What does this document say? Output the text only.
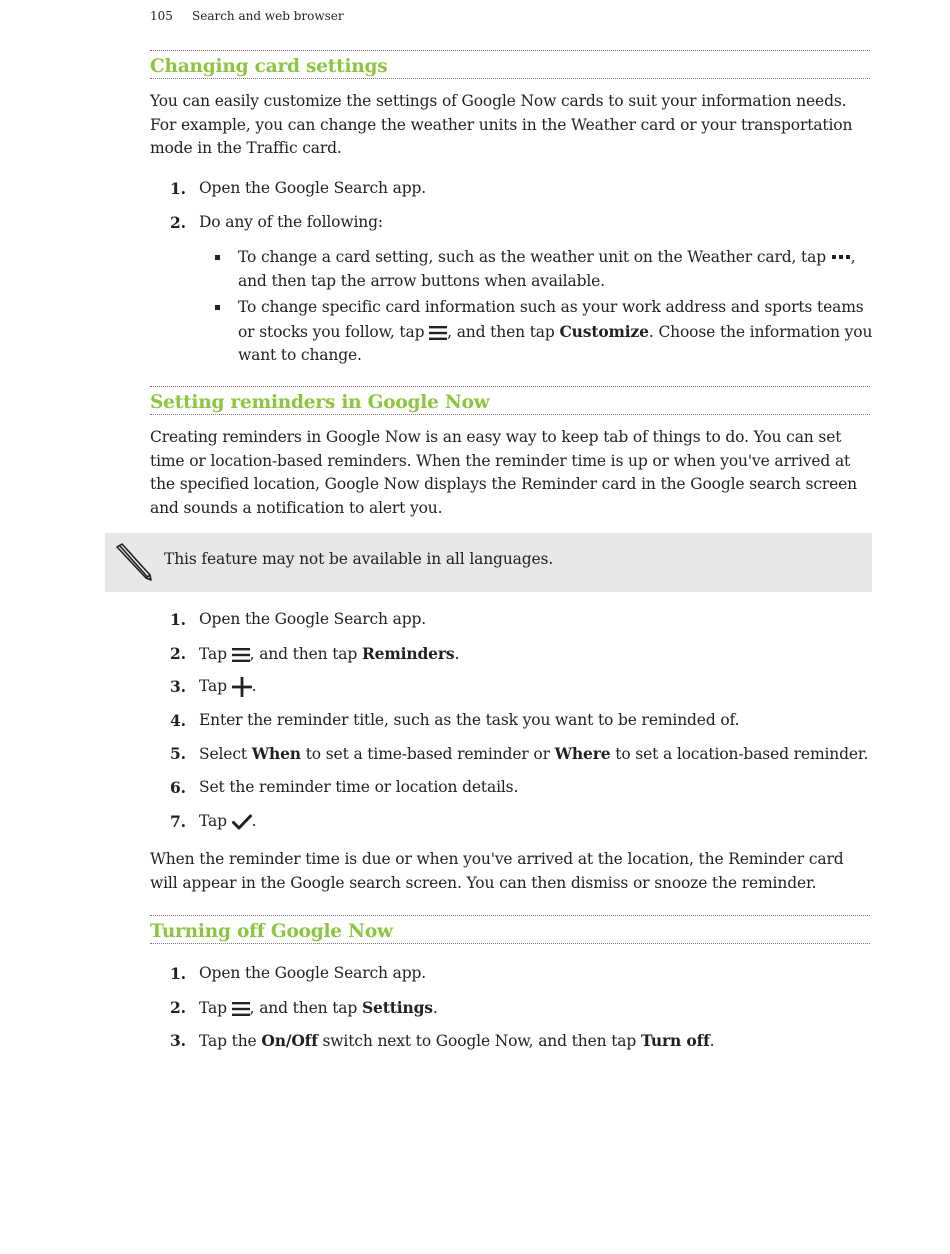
105 Search and web browser
Changing card settings

You can easily customize the settings of Google Now cards to suit your information needs. For example, you can change the weather units in the Weather card or your transportation mode in the Traffic card.

1. Open the Google Search app.
2. Do any of the following:
To change a card setting, such as the weather unit on the Weather card, tap , and then tap the arrow buttons when available.
To change specific card information such as your work address and sports teams or stocks you follow, tap , and then tap Customize. Choose the information you want to change.
Setting reminders in Google Now

Creating reminders in Google Now is an easy way to keep tab of things to do. You can set time or location-based reminders. When the reminder time is up or when you've arrived at the specified location, Google Now displays the Reminder card in the Google search screen and sounds a notification to alert you.

This feature may not be available in all languages.
1. Open the Google Search app.
2. Tap , and then tap Reminders.
3. Tap .
4. Enter the reminder title, such as the task you want to be reminded of.
5. Select When to set a time-based reminder or Where to set a location-based reminder.
6. Set the reminder time or location details.
7. Tap .

When the reminder time is due or when you've arrived at the location, the Reminder card will appear in the Google search screen. You can then dismiss or snooze the reminder.

Turning off Google Now
1. Open the Google Search app.
2. Tap , and then tap Settings.
3. Tap the On/Off switch next to Google Now, and then tap Turn off.
